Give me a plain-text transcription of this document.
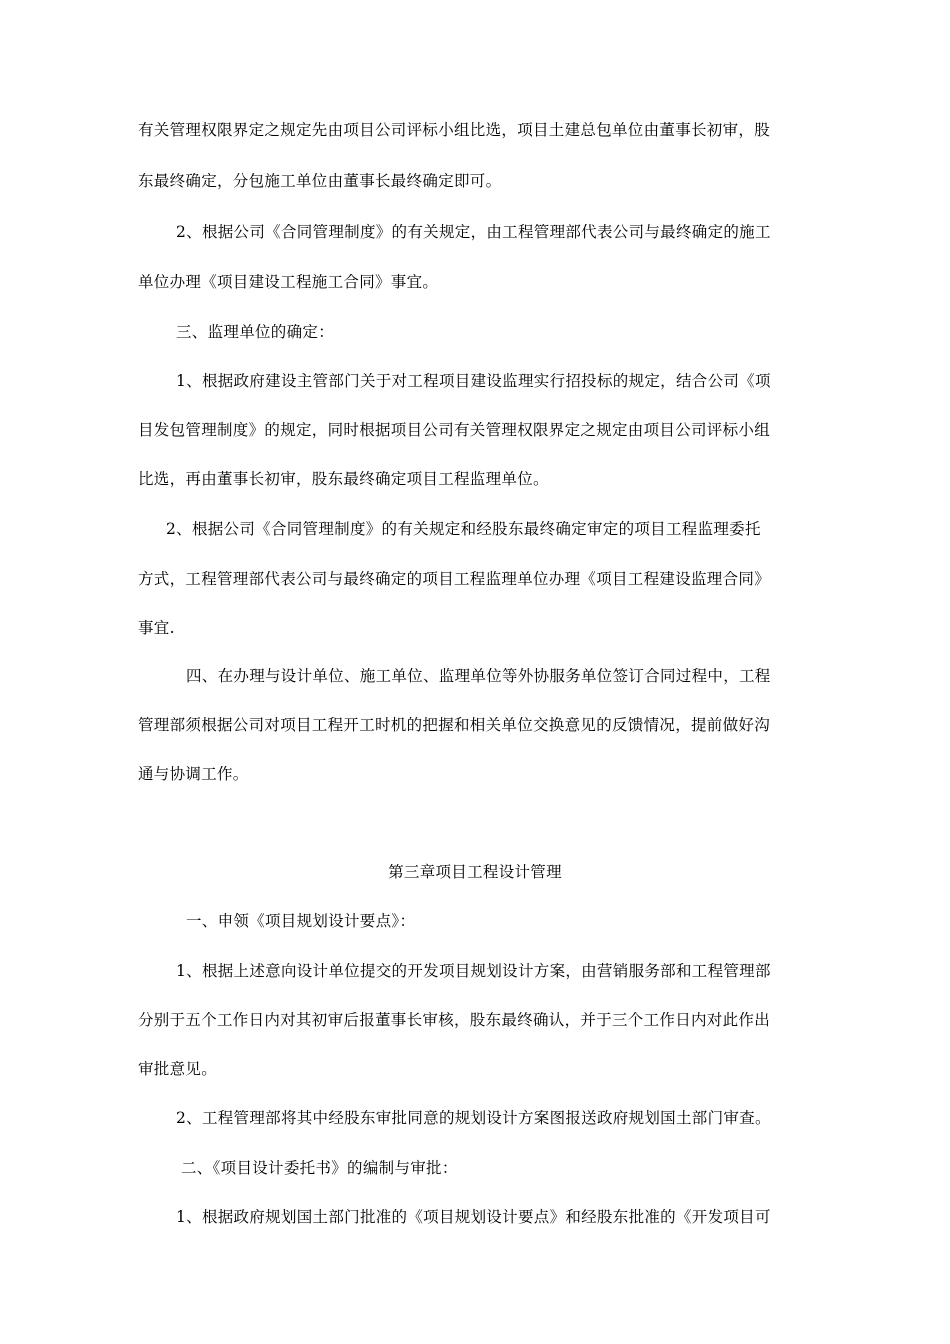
有关管理权限界定之规定先由项目公司评标小组比选，项目土建总包单位由董事长初审，股
东最终确定，分包施工单位由董事长最终确定即可。
2、根据公司《合同管理制度》的有关规定，由工程管理部代表公司与最终确定的施工
单位办理《项目建设工程施工合同》事宜。
三、监理单位的确定：
1、根据政府建设主管部门关于对工程项目建设监理实行招投标的规定，结合公司《项
目发包管理制度》的规定，同时根据项目公司有关管理权限界定之规定由项目公司评标小组
比选，再由董事长初审，股东最终确定项目工程监理单位。
2、根据公司《合同管理制度》的有关规定和经股东最终确定审定的项目工程监理委托
方式，工程管理部代表公司与最终确定的项目工程监理单位办理《项目工程建设监理合同》
事宜.
四、在办理与设计单位、施工单位、监理单位等外协服务单位签订合同过程中，工程
管理部须根据公司对项目工程开工时机的把握和相关单位交换意见的反馈情况，提前做好沟
通与协调工作。
第三章项目工程设计管理
一、申领《项目规划设计要点》：
1、根据上述意向设计单位提交的开发项目规划设计方案，由营销服务部和工程管理部
分别于五个工作日内对其初审后报董事长审核，股东最终确认，并于三个工作日内对此作出
审批意见。
2、工程管理部将其中经股东审批同意的规划设计方案图报送政府规划国土部门审查。
二、《项目设计委托书》的编制与审批：
1、根据政府规划国土部门批准的《项目规划设计要点》和经股东批准的《开发项目可
